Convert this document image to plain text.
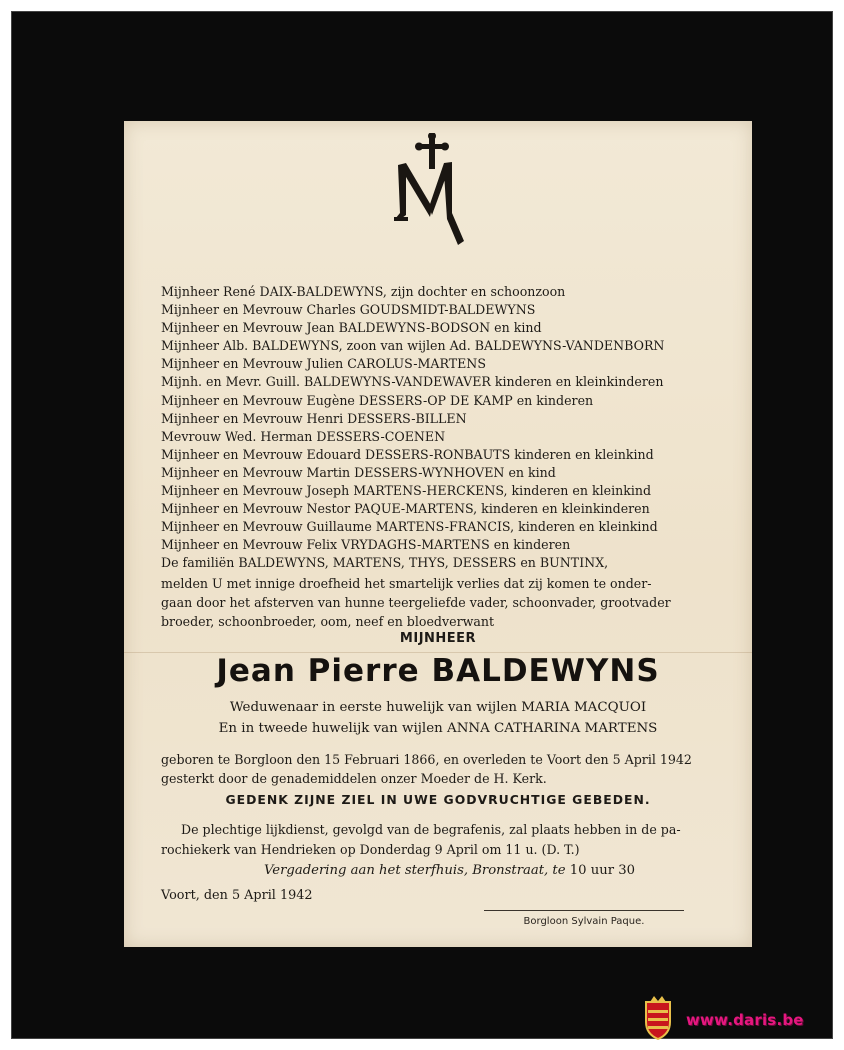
Mijnheer René DAIX-BALDEWYNS, zijn dochter en schoonzoon
Mijnheer en Mevrouw Charles GOUDSMIDT-BALDEWYNS
Mijnheer en Mevrouw Jean BALDEWYNS-BODSON en kind
Mijnheer Alb. BALDEWYNS, zoon van wijlen Ad. BALDEWYNS-VANDENBORN
Mijnheer en Mevrouw Julien CAROLUS-MARTENS
Mijnh. en Mevr. Guill. BALDEWYNS-VANDEWAVER kinderen en kleinkinderen
Mijnheer en Mevrouw Eugène DESSERS-OP DE KAMP en kinderen
Mijnheer en Mevrouw Henri DESSERS-BILLEN
Mevrouw Wed. Herman DESSERS-COENEN
Mijnheer en Mevrouw Edouard DESSERS-RONBAUTS kinderen en kleinkind
Mijnheer en Mevrouw Martin DESSERS-WYNHOVEN en kind
Mijnheer en Mevrouw Joseph MARTENS-HERCKENS, kinderen en kleinkind
Mijnheer en Mevrouw Nestor PAQUE-MARTENS, kinderen en kleinkinderen
Mijnheer en Mevrouw Guillaume MARTENS-FRANCIS, kinderen en kleinkind
Mijnheer en Mevrouw Felix VRYDAGHS-MARTENS en kinderen
De familiën BALDEWYNS, MARTENS, THYS, DESSERS en BUNTINX,
melden U met innige droefheid het smartelijk verlies dat zij komen te onder-
gaan door het afsterven van hunne teergeliefde vader, schoonvader, grootvader
broeder, schoonbroeder, oom, neef en bloedverwant
MIJNHEER
Jean Pierre BALDEWYNS
Weduwenaar in eerste huwelijk van wijlen MARIA MACQUOI
En in tweede huwelijk van wijlen ANNA CATHARINA MARTENS
geboren te Borgloon den 15 Februari 1866, en overleden te Voort den 5 April 1942
gesterkt door de genademiddelen onzer Moeder de H. Kerk.
GEDENK ZIJNE ZIEL IN UWE GODVRUCHTIGE GEBEDEN.
De plechtige lijkdienst, gevolgd van de begrafenis, zal plaats hebben in de pa-
rochiekerk van Hendrieken op Donderdag 9 April om 11 u. (D. T.)
Vergadering aan het sterfhuis, Bronstraat, te 10 uur 30
Voort, den 5 April 1942
Borgloon Sylvain Paque.
www.daris.be
